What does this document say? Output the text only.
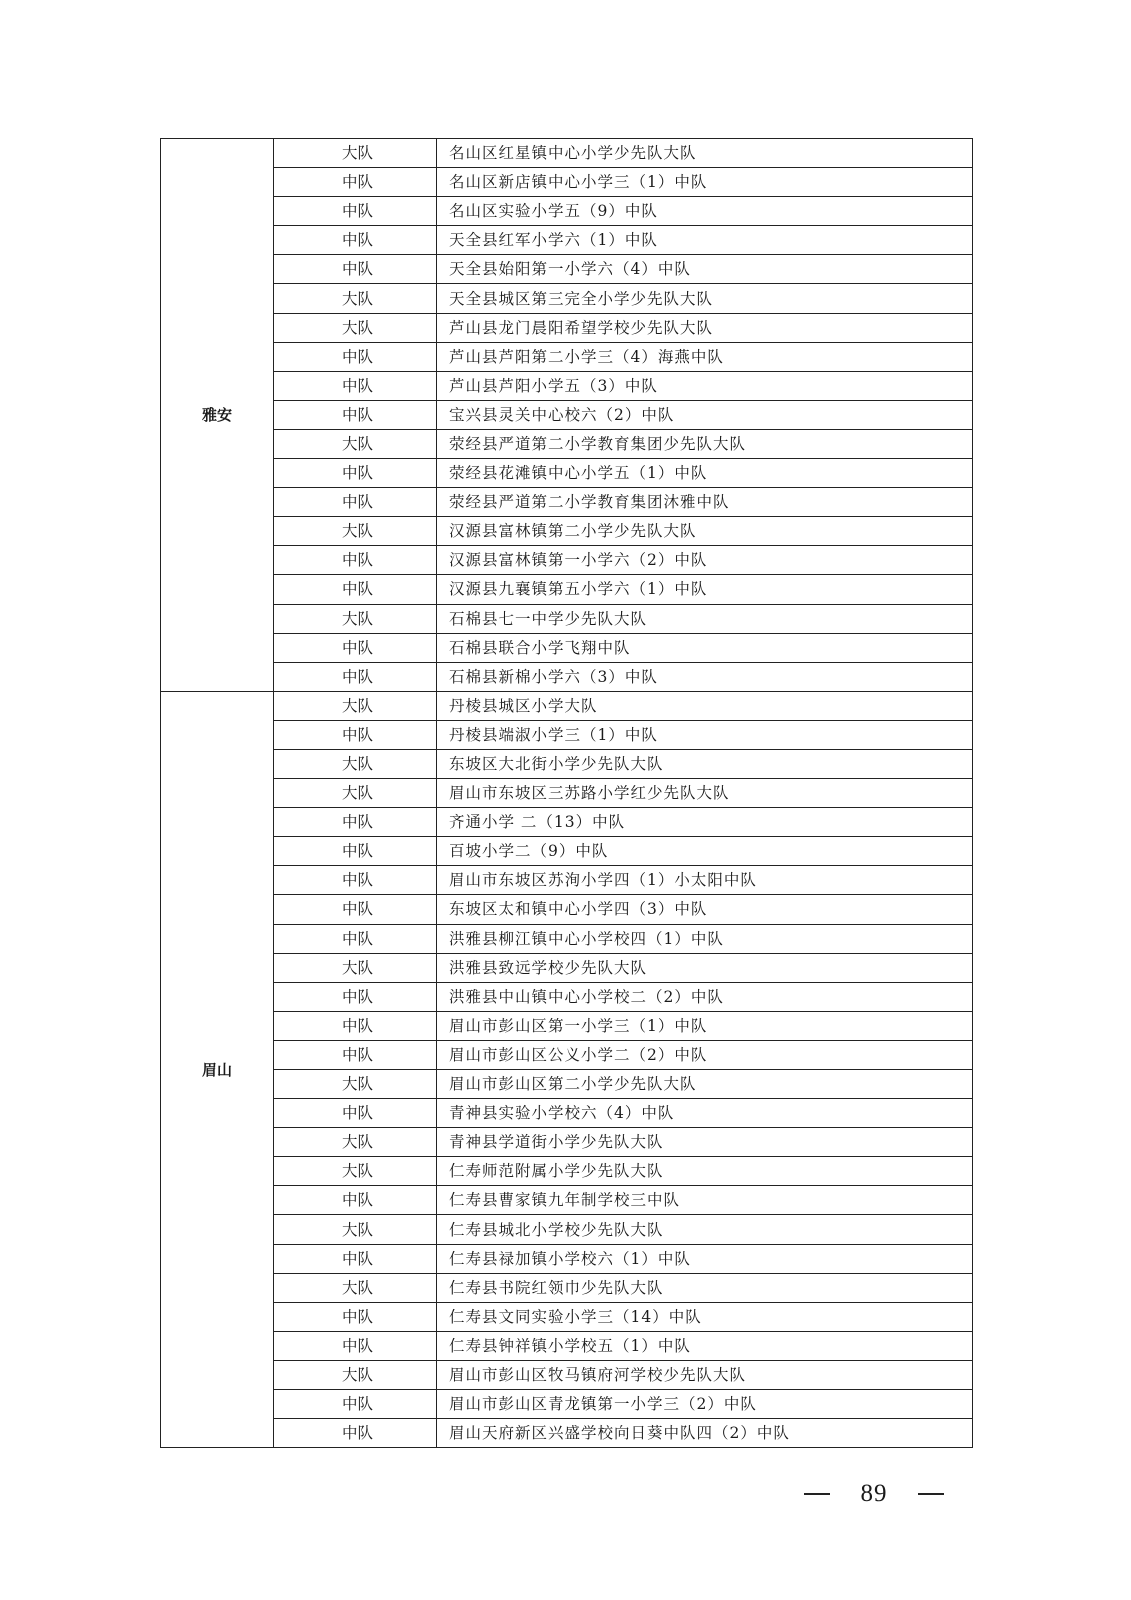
雅安	大队	名山区红星镇中心小学少先队大队
	中队	名山区新店镇中心小学三（1）中队
	中队	名山区实验小学五（9）中队
	中队	天全县红军小学六（1）中队
	中队	天全县始阳第一小学六（4）中队
	大队	天全县城区第三完全小学少先队大队
	大队	芦山县龙门晨阳希望学校少先队大队
	中队	芦山县芦阳第二小学三（4）海燕中队
	中队	芦山县芦阳小学五（3）中队
	中队	宝兴县灵关中心校六（2）中队
	大队	荥经县严道第二小学教育集团少先队大队
	中队	荥经县花滩镇中心小学五（1）中队
	中队	荥经县严道第二小学教育集团沐雅中队
	大队	汉源县富林镇第二小学少先队大队
	中队	汉源县富林镇第一小学六（2）中队
	中队	汉源县九襄镇第五小学六（1）中队
	大队	石棉县七一中学少先队大队
	中队	石棉县联合小学飞翔中队
	中队	石棉县新棉小学六（3）中队
眉山	大队	丹棱县城区小学大队
	中队	丹棱县端淑小学三（1）中队
	大队	东坡区大北街小学少先队大队
	大队	眉山市东坡区三苏路小学红少先队大队
	中队	齐通小学 二（13）中队
	中队	百坡小学二（9）中队
	中队	眉山市东坡区苏洵小学四（1）小太阳中队
	中队	东坡区太和镇中心小学四（3）中队
	中队	洪雅县柳江镇中心小学校四（1）中队
	大队	洪雅县致远学校少先队大队
	中队	洪雅县中山镇中心小学校二（2）中队
	中队	眉山市彭山区第一小学三（1）中队
	中队	眉山市彭山区公义小学二（2）中队
	大队	眉山市彭山区第二小学少先队大队
	中队	青神县实验小学校六（4）中队
	大队	青神县学道街小学少先队大队
	大队	仁寿师范附属小学少先队大队
	中队	仁寿县曹家镇九年制学校三中队
	大队	仁寿县城北小学校少先队大队
	中队	仁寿县禄加镇小学校六（1）中队
	大队	仁寿县书院红领巾少先队大队
	中队	仁寿县文同实验小学三（14）中队
	中队	仁寿县钟祥镇小学校五（1）中队
	大队	眉山市彭山区牧马镇府河学校少先队大队
	中队	眉山市彭山区青龙镇第一小学三（2）中队
	中队	眉山天府新区兴盛学校向日葵中队四（2）中队
89
